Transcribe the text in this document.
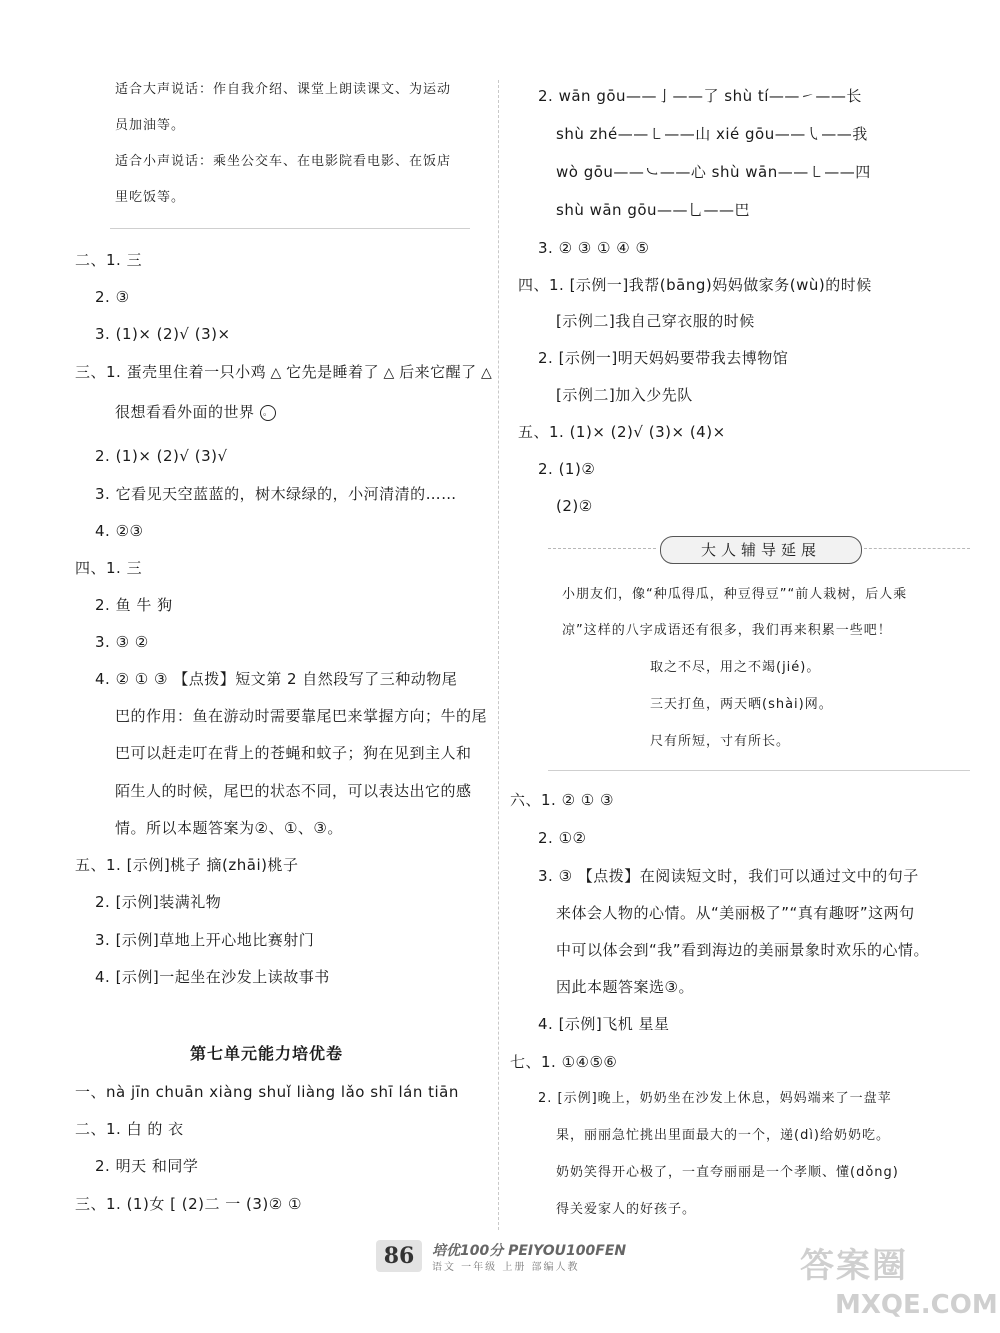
适合大声说话：作自我介绍、课堂上朗读课文、为运动
员加油等。
适合小声说话：乘坐公交车、在电影院看电影、在饭店
里吃饭等。
二、1. 三
2. ③
3. (1)× (2)√ (3)×
三、1. 蛋壳里住着一只小鸡 △ 它先是睡着了 △ 后来它醒了 △
很想看看外面的世界 。
2. (1)× (2)√ (3)√
3. 它看见天空蓝蓝的，树木绿绿的，小河清清的……
4. ②③
四、1. 三
2. 鱼 牛 狗
3. ③ ②
4. ② ① ③ 【点拨】短文第 2 自然段写了三种动物尾
巴的作用：鱼在游动时需要靠尾巴来掌握方向；牛的尾
巴可以赶走叮在背上的苍蝇和蚊子；狗在见到主人和
陌生人的时候，尾巴的状态不同，可以表达出它的感
情。所以本题答案为②、①、③。
五、1. [示例]桃子 摘(zhāi)桃子
2. [示例]装满礼物
3. [示例]草地上开心地比赛射门
4. [示例]一起坐在沙发上读故事书
第七单元能力培优卷
一、nà jīn chuān xiàng shuǐ liàng lǎo shī lán tiān
二、1. 白 的 衣
2. 明天 和同学
三、1. (1)女 [ (2)二 一 (3)② ①
2. wān gōu——亅——了 shù tí——㇀——长
shù zhé——㇄——山 xié gōu——㇂——我
wò gōu——㇃——心 shù wān——㇄——四
shù wān gōu——乚——巴
3. ② ③ ① ④ ⑤
四、1. [示例一]我帮(bāng)妈妈做家务(wù)的时候
[示例二]我自己穿衣服的时候
2. [示例一]明天妈妈要带我去博物馆
[示例二]加入少先队
五、1. (1)× (2)√ (3)× (4)×
2. (1)②
(2)②
大人辅导延展
小朋友们，像“种瓜得瓜，种豆得豆”“前人栽树，后人乘
凉”这样的八字成语还有很多，我们再来积累一些吧！
取之不尽，用之不竭(jié)。
三天打鱼，两天晒(shài)网。
尺有所短，寸有所长。
六、1. ② ① ③
2. ①②
3. ③ 【点拨】在阅读短文时，我们可以通过文中的句子
来体会人物的心情。从“美丽极了”“真有趣呀”这两句
中可以体会到“我”看到海边的美丽景象时欢乐的心情。
因此本题答案选③。
4. [示例]飞机 星星
七、1. ①④⑤⑥
2. [示例]晚上，奶奶坐在沙发上休息，妈妈端来了一盘苹
果，丽丽急忙挑出里面最大的一个，递(dì)给奶奶吃。
奶奶笑得开心极了，一直夸丽丽是一个孝顺、懂(dǒng)
得关爱家人的好孩子。
86	培优100分 PEIYOU100FEN
语文 一年级 上册 部编人教	答案圈
MXQE.COM
